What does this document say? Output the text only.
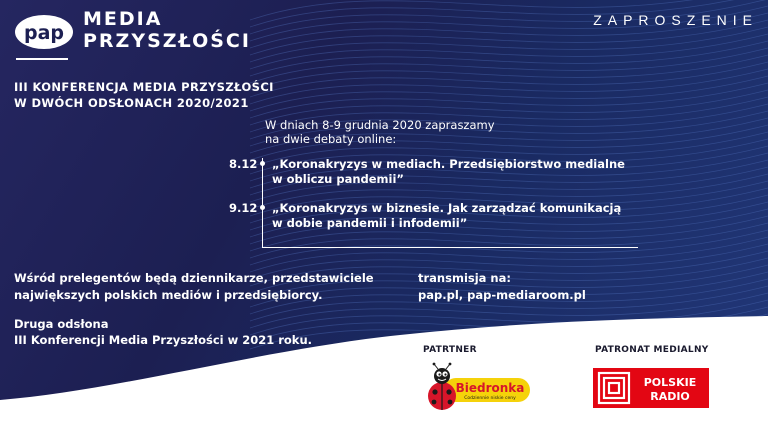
pap
MEDIA
PRZYSZŁOŚCI
ZAPROSZENIE
III KONFERENCJA MEDIA PRZYSZŁOŚCI
W DWÓCH ODSŁONACH 2020/2021
W dniach 8-9 grudnia 2020 zapraszamy
na dwie debaty online:
8.12 „Koronakryzys w mediach. Przedsiębiorstwo medialne
w obliczu pandemii”
9.12 „Koronakryzys w biznesie. Jak zarządzać komunikacją
w dobie pandemii i infodemii”
Wśród prelegentów będą dziennikarze, przedstawiciele
największych polskich mediów i przedsiębiorcy.
Druga odsłona
III Konferencji Media Przyszłości w 2021 roku.
transmisja na:
pap.pl, pap-mediaroom.pl
PATRTNER	PATRONAT MEDIALNY
Biedronka
Codziennie niskie ceny
POLSKIE
RADIO
